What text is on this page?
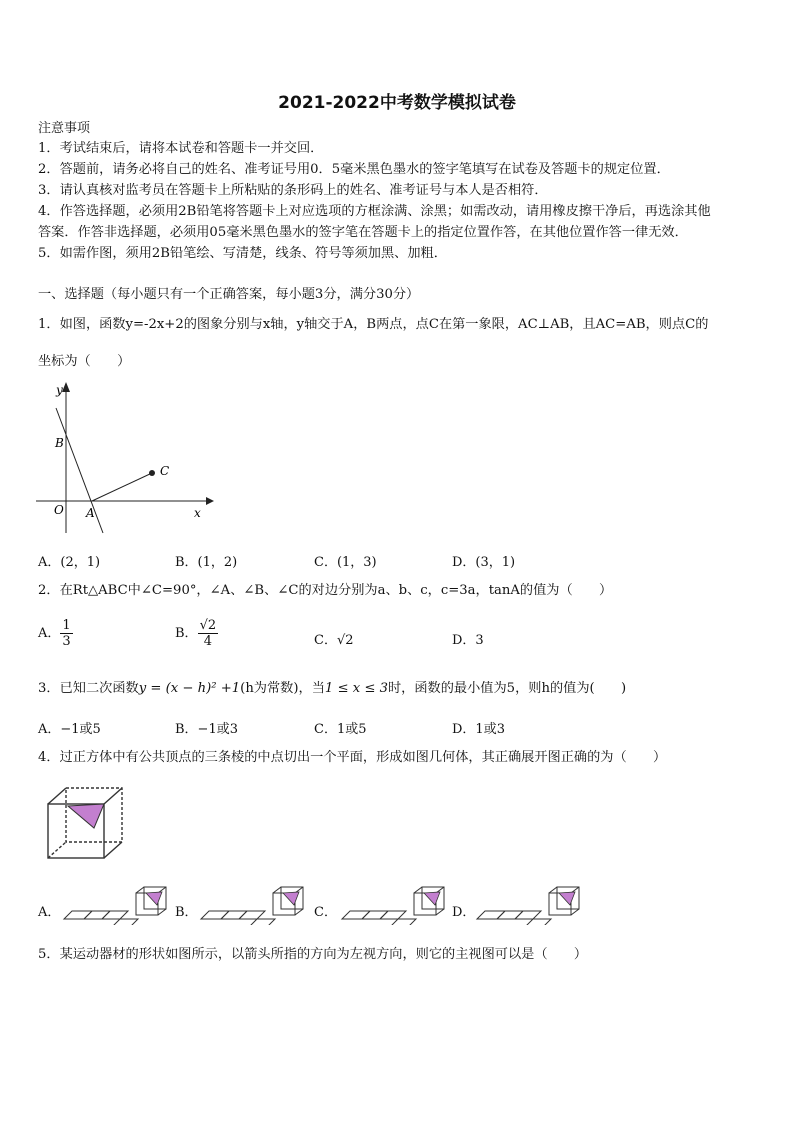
2021-2022中考数学模拟试卷
注意事项
1．考试结束后，请将本试卷和答题卡一并交回．
2．答题前，请务必将自己的姓名、准考证号用0．5毫米黑色墨水的签字笔填写在试卷及答题卡的规定位置．
3．请认真核对监考员在答题卡上所粘贴的条形码上的姓名、准考证号与本人是否相符．
4．作答选择题，必须用2B铅笔将答题卡上对应选项的方框涂满、涂黑；如需改动，请用橡皮擦干净后，再选涂其他
答案．作答非选择题，必须用05毫米黑色墨水的签字笔在答题卡上的指定位置作答，在其他位置作答一律无效．
5．如需作图，须用2B铅笔绘、写清楚，线条、符号等须加黑、加粗．
一、选择题（每小题只有一个正确答案，每小题3分，满分30分）
1．如图，函数y=-2x+2的图象分别与x轴，y轴交于A，B两点，点C在第一象限，AC⊥AB，且AC=AB，则点C的
坐标为（　　）
y
x
B
C
O A
A．(2，1)	B．(1，2)	C．(1，3)	D．(3，1)
2．在Rt△ABC中∠C=90°，∠A、∠B、∠C的对边分别为a、b、c，c=3a，tanA的值为（　　）
A． $\frac{1}{3}$	B． $\frac{√2}{4}$	C．√2	D．3
3．已知二次函数y = (x − h)² +1(h为常数)，当1 ≤ x ≤ 3时，函数的最小值为5，则h的值为(　　)
A．−1或5	B．−1或3	C．1或5	D．1或3
4．过正方体中有公共顶点的三条棱的中点切出一个平面，形成如图几何体，其正确展开图正确的为（　　）
A．	B．	C．	D．
5．某运动器材的形状如图所示，以箭头所指的方向为左视方向，则它的主视图可以是（　　）
